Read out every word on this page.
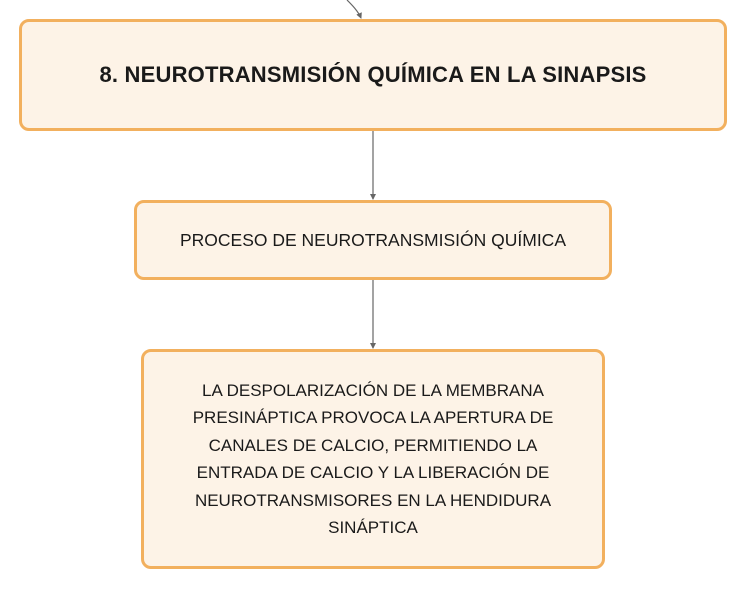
8. NEUROTRANSMISIÓN QUÍMICA EN LA SINAPSIS
PROCESO DE NEUROTRANSMISIÓN QUÍMICA
LA DESPOLARIZACIÓN DE LA MEMBRANA PRESINÁPTICA PROVOCA LA APERTURA DE CANALES DE CALCIO, PERMITIENDO LA ENTRADA DE CALCIO Y LA LIBERACIÓN DE NEUROTRANSMISORES EN LA HENDIDURA SINÁPTICA
